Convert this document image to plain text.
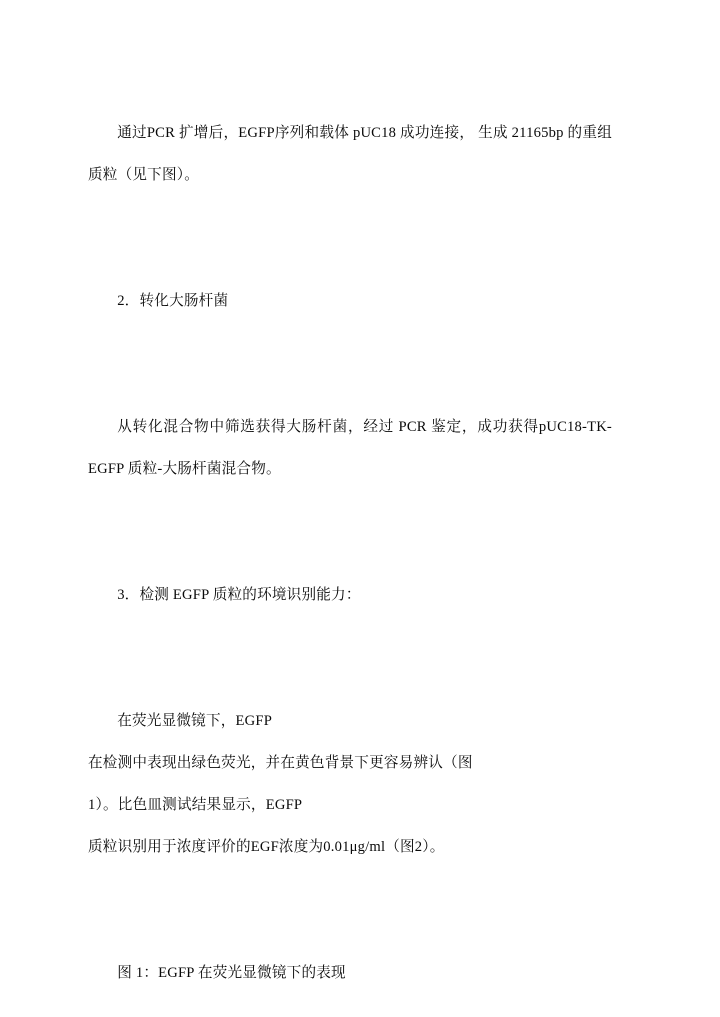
通过PCR 扩增后，EGFP序列和载体 pUC18 成功连接， 生成 21165bp 的重组质粒（见下图）。

2．转化大肠杆菌

从转化混合物中筛选获得大肠杆菌，经过 PCR 鉴定，成功获得pUC18-TK-EGFP 质粒-大肠杆菌混合物。

3．检测 EGFP 质粒的环境识别能力：

在荧光显微镜下，EGFP

在检测中表现出绿色荧光，并在黄色背景下更容易辨认（图

1）。比色皿测试结果显示，EGFP

质粒识别用于浓度评价的EGF浓度为0.01μg/ml（图2）。

图 1：EGFP 在荧光显微镜下的表现
